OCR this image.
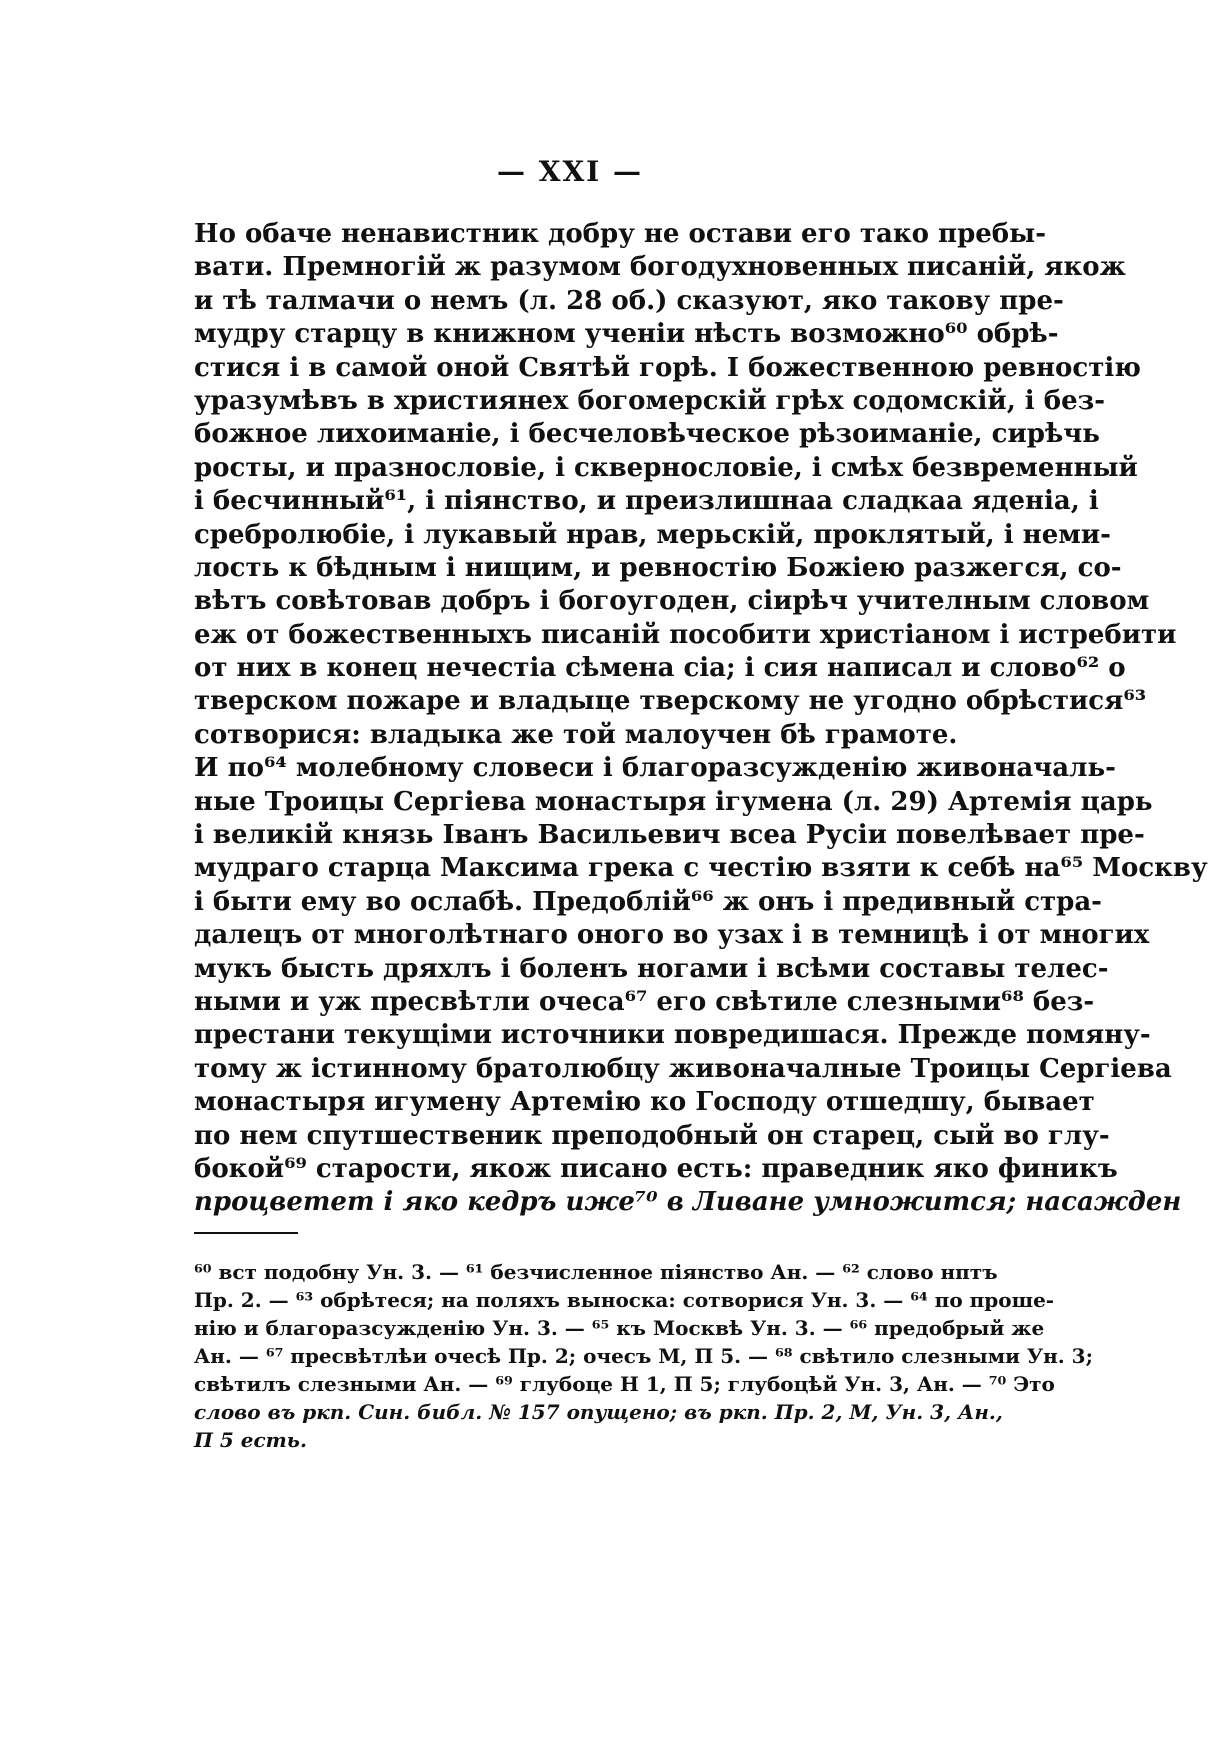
— XXI —
Но обаче ненавистник добру не остави его тако пребы-
вати. Премногій ж разумом богодухновенных писаній, якож
и тѣ талмачи о немъ (л. 28 об.) сказуют, яко такову пре-
мудру старцу в книжном ученіи нѣсть возможно⁶⁰ обрѣ-
стися і в самой оной Святѣй горѣ. І божественною ревностію
уразумѣвъ в християнех богомерскій грѣх содомскій, і без-
божное лихоиманіе, і бесчеловѣческое рѣзоиманіе, сирѣчь
росты, и празнословіе, і сквернословіе, і смѣх безвременный
і бесчинный⁶¹, і піянство, и преизлишнаа сладкаа яденіа, і
сребролюбіе, і лукавый нрав, мерьскій, проклятый, і неми-
лость к бѣдным і нищим, и ревностію Божіею разжегся, со-
вѣтъ совѣтовав добръ і богоугоден, сіирѣч учителным словом
еж от божественныхъ писаній пособити христіаном і истребити
от них в конец нечестіа сѣмена сіа; і сия написал и слово⁶² о
тверском пожаре и владыце тверскому не угодно обрѣстися⁶³
сотворися: владыка же той малоучен бѣ грамоте.
И по⁶⁴ молебному словеси і благоразсужденію живоначаль-
ные Троицы Сергіева монастыря ігумена (л. 29) Артемія царь
і великій князь Іванъ Васильевич всеа Русіи повелѣвает пре-
мудраго старца Максима грека с честію взяти к себѣ на⁶⁵ Москву
і быти ему во ослабѣ. Предоблій⁶⁶ ж онъ і предивный стра-
далецъ от многолѣтнаго оного во узах і в темницѣ і от многих
мукъ бысть дряхлъ і боленъ ногами і всѣми составы телес-
ными и уж пресвѣтли очеса⁶⁷ его свѣтиле слезными⁶⁸ без-
престани текущіми источники повредишася. Прежде помяну-
тому ж істинному братолюбцу живоначалные Троицы Сергіева
монастыря игумену Артемію ко Господу отшедшу, бывает
по нем спутшественик преподобный он старец, сый во глу-
бокой⁶⁹ старости, якож писано есть: праведник яко финикъ
процветет і яко кедръ иже⁷⁰ в Ливане умножится; насажден
⁶⁰ вст подобну Ун. 3. — ⁶¹ безчисленное піянство Ан. — ⁶² слово нптъ
Пр. 2. — ⁶³ обрѣтеся; на поляхъ выноска: сотворися Ун. 3. — ⁶⁴ по прошe-
нію и благоразсужденію Ун. 3. — ⁶⁵ къ Москвѣ Ун. 3. — ⁶⁶ предобрый же
Ан. — ⁶⁷ пресвѣтлѣи очесѣ Пр. 2; очесъ М, П 5. — ⁶⁸ свѣтило слезными Ун. 3;
свѣтилъ слезными Ан. — ⁶⁹ глубоце Н 1, П 5; глубоцѣй Ун. 3, Ан. — ⁷⁰ Это
слово въ ркп. Син. библ. № 157 опущено; въ ркп. Пр. 2, М, Ун. 3, Ан.,
П 5 есть.
